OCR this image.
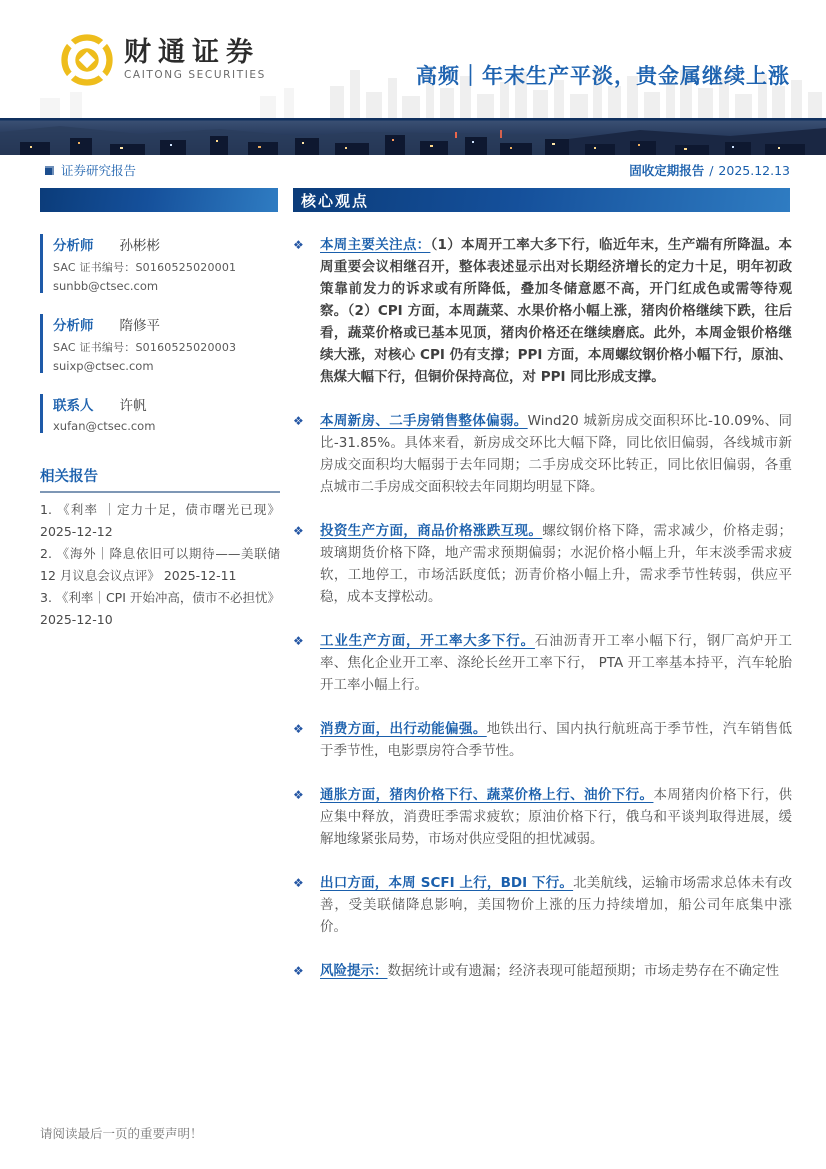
财通证券
CAITONG SECURITIES	高频｜年末生产平淡，贵金属继续上涨
证券研究报告	固收定期报告 / 2025.12.13
核心观点
分析师 孙彬彬
SAC 证书编号：S0160525020001
sunbb@ctsec.com
分析师 隋修平
SAC 证书编号：S0160525020003
suixp@ctsec.com
联系人 许帆
xufan@ctsec.com
相关报告
1. 《利率 ｜定力十足，债市曙光已现》 2025-12-12
2. 《海外｜降息依旧可以期待——美联储 12 月议息会议点评》 2025-12-11
3. 《利率｜CPI 开始冲高，债市不必担忧》 2025-12-10
❖	本周主要关注点：（1）本周开工率大多下行，临近年末，生产端有所降温。本周重要会议相继召开，整体表述显示出对长期经济增长的定力十足，明年初政策靠前发力的诉求或有所降低，叠加冬储意愿不高，开门红成色或需等待观察。（2）CPI 方面，本周蔬菜、水果价格小幅上涨，猪肉价格继续下跌，往后看，蔬菜价格或已基本见顶，猪肉价格还在继续磨底。此外，本周金银价格继续大涨，对核心 CPI 仍有支撑；PPI 方面，本周螺纹钢价格小幅下行，原油、焦煤大幅下行，但铜价保持高位，对 PPI 同比形成支撑。
❖	本周新房、二手房销售整体偏弱。Wind20 城新房成交面积环比-10.09%、同比-31.85%。具体来看，新房成交环比大幅下降，同比依旧偏弱，各线城市新房成交面积均大幅弱于去年同期；二手房成交环比转正，同比依旧偏弱，各重点城市二手房成交面积较去年同期均明显下降。
❖	投资生产方面，商品价格涨跌互现。螺纹钢价格下降，需求减少，价格走弱；玻璃期货价格下降，地产需求预期偏弱；水泥价格小幅上升，年末淡季需求疲软，工地停工，市场活跃度低；沥青价格小幅上升，需求季节性转弱，供应平稳，成本支撑松动。
❖	工业生产方面，开工率大多下行。石油沥青开工率小幅下行，钢厂高炉开工率、焦化企业开工率、涤纶长丝开工率下行， PTA 开工率基本持平，汽车轮胎开工率小幅上行。
❖	消费方面，出行动能偏强。地铁出行、国内执行航班高于季节性，汽车销售低于季节性，电影票房符合季节性。
❖	通胀方面，猪肉价格下行、蔬菜价格上行、油价下行。本周猪肉价格下行，供应集中释放，消费旺季需求疲软；原油价格下行，俄乌和平谈判取得进展，缓解地缘紧张局势，市场对供应受阻的担忧减弱。
❖	出口方面，本周 SCFI 上行，BDI 下行。北美航线，运输市场需求总体未有改善，受美联储降息影响，美国物价上涨的压力持续增加，船公司年底集中涨价。
❖	风险提示：数据统计或有遗漏；经济表现可能超预期；市场走势存在不确定性
请阅读最后一页的重要声明！
